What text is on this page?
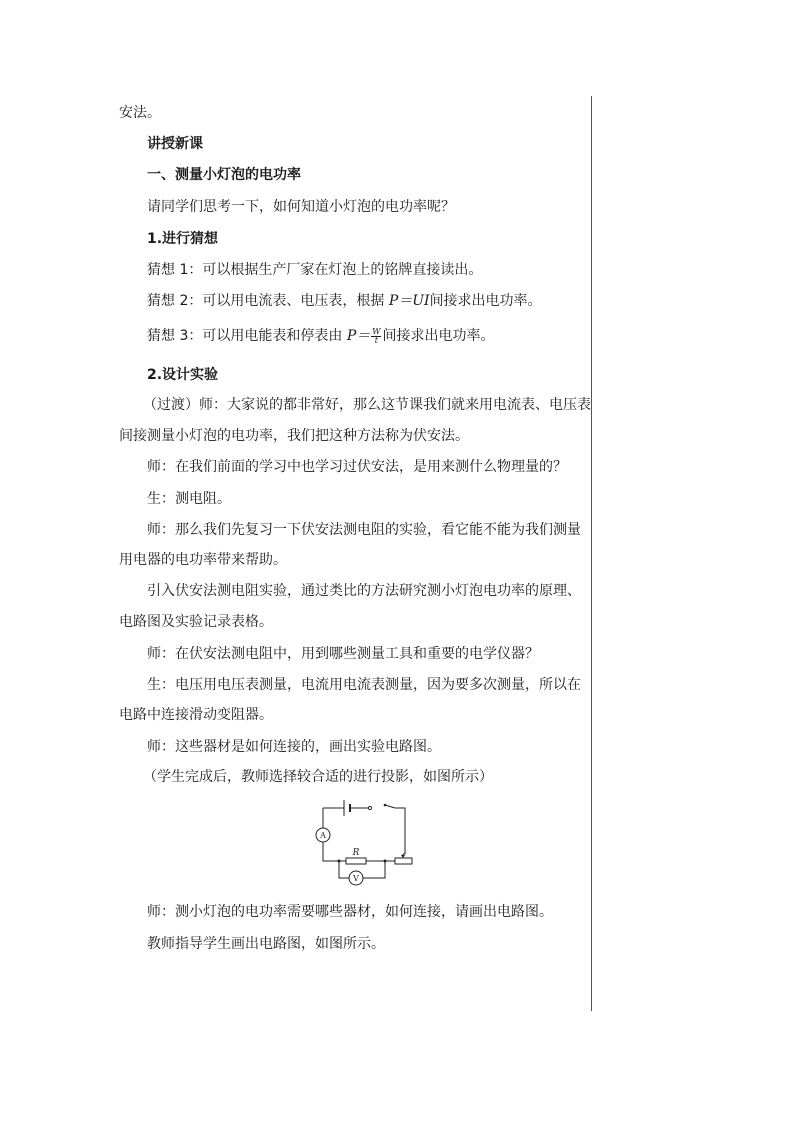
安法。
讲授新课
一、测量小灯泡的电功率
请同学们思考一下，如何知道小灯泡的电功率呢？
1.进行猜想
猜想 1：可以根据生产厂家在灯泡上的铭牌直接读出。
猜想 2：可以用电流表、电压表，根据 P＝UI间接求出电功率。
猜想 3：可以用电能表和停表由 $P= \frac{W}{t}$ 间接求出电功率。
2.设计实验
（过渡）师：大家说的都非常好，那么这节课我们就来用电流表、电压表
间接测量小灯泡的电功率，我们把这种方法称为伏安法。
师：在我们前面的学习中也学习过伏安法，是用来测什么物理量的？
生：测电阻。
师：那么我们先复习一下伏安法测电阻的实验，看它能不能为我们测量
用电器的电功率带来帮助。
引入伏安法测电阻实验，通过类比的方法研究测小灯泡电功率的原理、
电路图及实验记录表格。
师：在伏安法测电阻中，用到哪些测量工具和重要的电学仪器？
生：电压用电压表测量，电流用电流表测量，因为要多次测量，所以在
电路中连接滑动变阻器。
师：这些器材是如何连接的，画出实验电路图。
（学生完成后，教师选择较合适的进行投影，如图所示）
A
R
V
师：测小灯泡的电功率需要哪些器材，如何连接，请画出电路图。
教师指导学生画出电路图，如图所示。
